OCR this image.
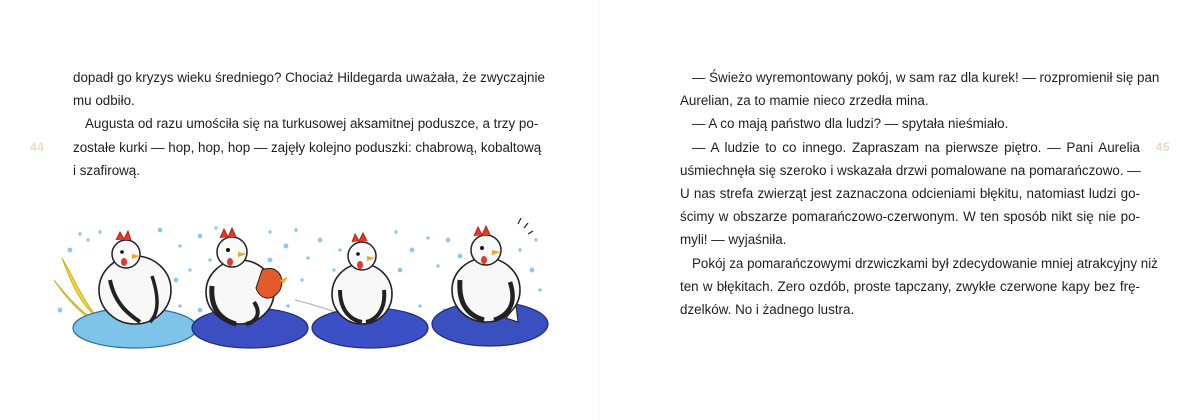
44
dopadł go kryzys wieku średniego? Chociaż Hildegarda uważała, że zwyczajnie
mu odbiło.
Augusta od razu umościła się na turkusowej aksamitnej poduszce, a trzy po-
zostałe kurki — hop, hop, hop — zajęły kolejno poduszki: chabrową, kobaltową
i szafirową.
45
— Świeżo wyremontowany pokój, w sam raz dla kurek! — rozpromienił się pan
Aurelian, za to mamie nieco zrzedła mina.
— A co mają państwo dla ludzi? — spytała nieśmiało.
— A ludzie to co innego. Zapraszam na pierwsze piętro. — Pani Aurelia
uśmiechnęła się szeroko i wskazała drzwi pomalowane na pomarańczowo. —
U nas strefa zwierząt jest zaznaczona odcieniami błękitu, natomiast ludzi go-
ścimy w obszarze pomarańczowo-czerwonym. W ten sposób nikt się nie po-
myli! — wyjaśniła.
Pokój za pomarańczowymi drzwiczkami był zdecydowanie mniej atrakcyjny niż
ten w błękitach. Zero ozdób, proste tapczany, zwykłe czerwone kapy bez frę-
dzelków. No i żadnego lustra.
